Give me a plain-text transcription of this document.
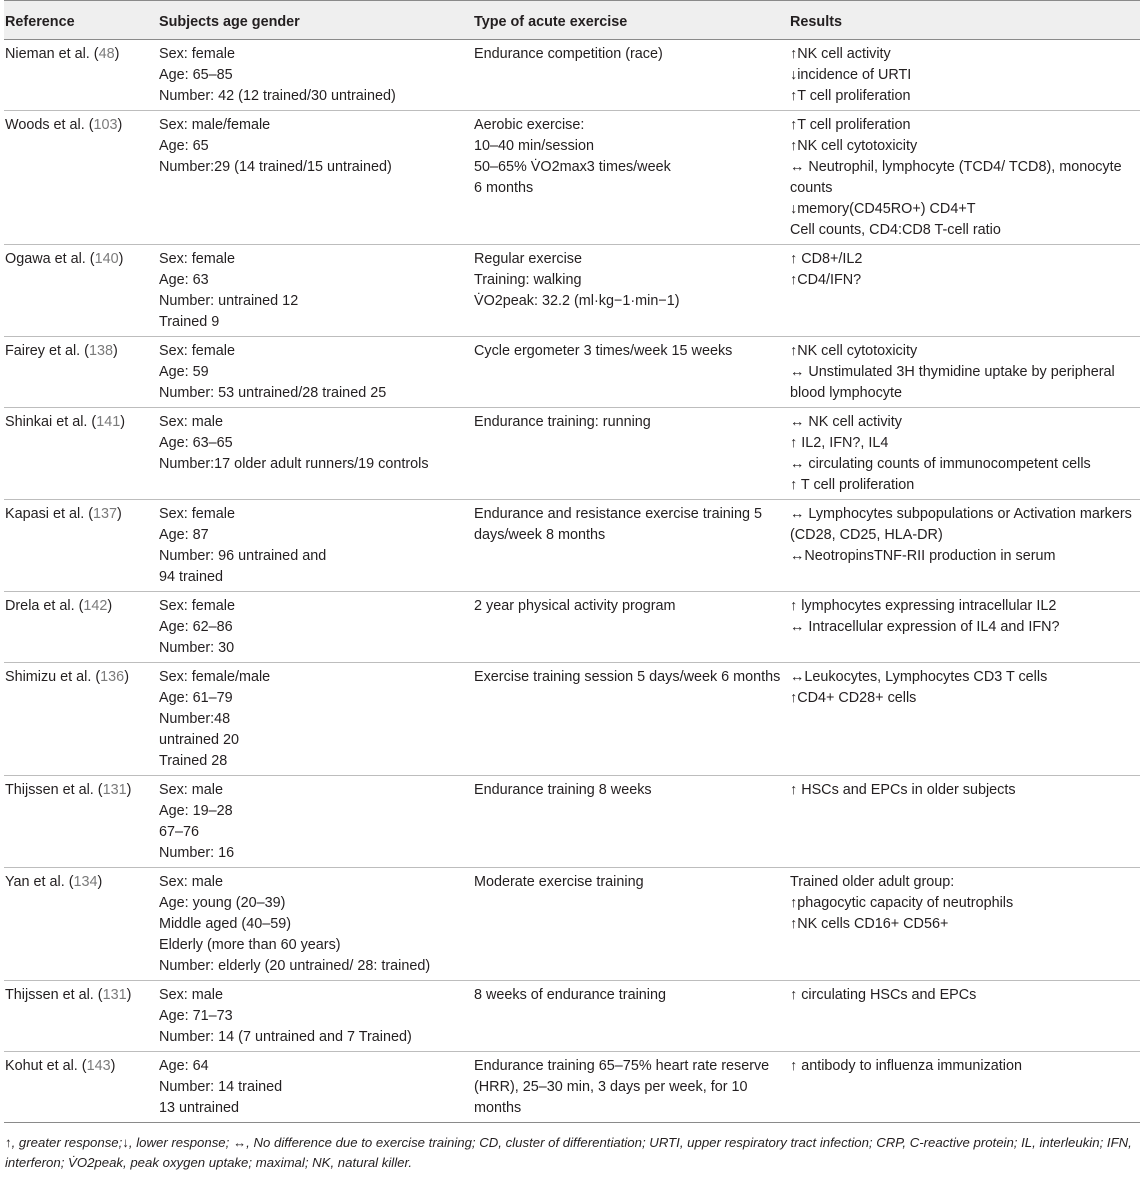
Reference	Subjects age gender	Type of acute exercise	Results
Nieman et al. (48)	Sex: female
Age: 65–85
Number: 42 (12 trained/30 untrained)	Endurance competition (race)	↑NK cell activity
↓incidence of URTI
↑T cell proliferation

Woods et al. (103)	Sex: male/female
Age: 65
Number:29 (14 trained/15 untrained)	Aerobic exercise:
10–40 min/session
50–65% V̇O2max3 times/week
6 months	↑T cell proliferation
↑NK cell cytotoxicity
↔ Neutrophil, lymphocyte (TCD4/ TCD8), monocyte counts
↓memory(CD45RO+) CD4+T
Cell counts, CD4:CD8 T-cell ratio

Ogawa et al. (140)	Sex: female
Age: 63
Number: untrained 12
Trained 9	Regular exercise
Training: walking
V̇O2peak: 32.2 (ml·kg−1·min−1)	↑ CD8+/IL2
↑CD4/IFN?

Fairey et al. (138)	Sex: female
Age: 59
Number: 53 untrained/28 trained 25	Cycle ergometer 3 times/week 15 weeks	↑NK cell cytotoxicity
↔ Unstimulated 3H thymidine uptake by peripheral blood lymphocyte

Shinkai et al. (141)	Sex: male
Age: 63–65
Number:17 older adult runners/19 controls	Endurance training: running	↔ NK cell activity
↑ IL2, IFN?, IL4
↔ circulating counts of immunocompetent cells
↑ T cell proliferation

Kapasi et al. (137)	Sex: female
Age: 87
Number: 96 untrained and
94 trained	Endurance and resistance exercise training 5 days/week 8 months	↔ Lymphocytes subpopulations or Activation markers (CD28, CD25, HLA-DR)
↔NeotropinsTNF-RII production in serum

Drela et al. (142)	Sex: female
Age: 62–86
Number: 30	2 year physical activity program	↑ lymphocytes expressing intracellular IL2
↔ Intracellular expression of IL4 and IFN?

Shimizu et al. (136)	Sex: female/male
Age: 61–79
Number:48
untrained 20
Trained 28	Exercise training session 5 days/week 6 months	↔Leukocytes, Lymphocytes CD3 T cells
↑CD4+ CD28+ cells

Thijssen et al. (131)	Sex: male
Age: 19–28
67–76
Number: 16	Endurance training 8 weeks	↑ HSCs and EPCs in older subjects

Yan et al. (134)	Sex: male
Age: young (20–39)
Middle aged (40–59)
Elderly (more than 60 years)
Number: elderly (20 untrained/ 28: trained)	Moderate exercise training	Trained older adult group:
↑phagocytic capacity of neutrophils
↑NK cells CD16+ CD56+

Thijssen et al. (131)	Sex: male
Age: 71–73
Number: 14 (7 untrained and 7 Trained)	8 weeks of endurance training	↑ circulating HSCs and EPCs

Kohut et al. (143)	Age: 64
Number: 14 trained
13 untrained	Endurance training 65–75% heart rate reserve (HRR), 25–30 min, 3 days per week, for 10 months	↑ antibody to influenza immunization
↑, greater response;↓, lower response; ↔, No difference due to exercise training; CD, cluster of differentiation; URTI, upper respiratory tract infection; CRP, C-reactive protein; IL, interleukin; IFN, interferon; V̇O2peak, peak oxygen uptake; maximal; NK, natural killer.
